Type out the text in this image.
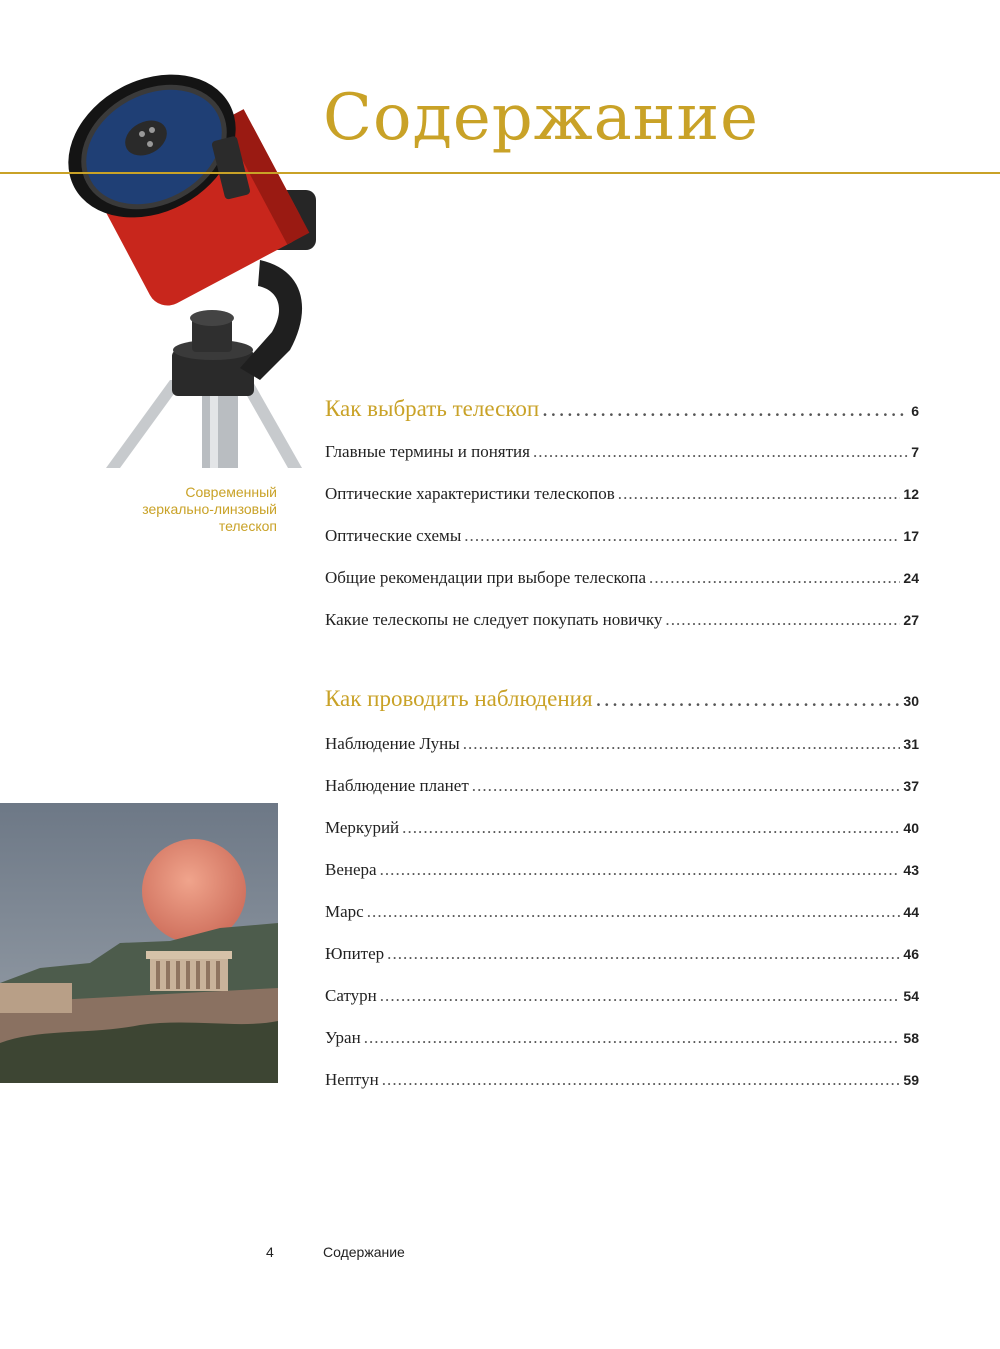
Содержание
Современный
зеркально-линзовый
телескоп
Как выбрать телескоп . . .	6
Главные термины и понятия . . .	7
Оптические характеристики телескопов . . .	12
Оптические схемы . . .	17
Общие рекомендации при выборе телескопа . . .	24
Какие телескопы не следует покупать новичку . . .	27
Как проводить наблюдения . . .	30
Наблюдение Луны . . .	31
Наблюдение планет . . .	37
Меркурий . . .	40
Венера . . .	43
Марс . . .	44
Юпитер . . .	46
Сатурн . . .	54
Уран . . .	58
Нептун . . .	59
4	Содержание
